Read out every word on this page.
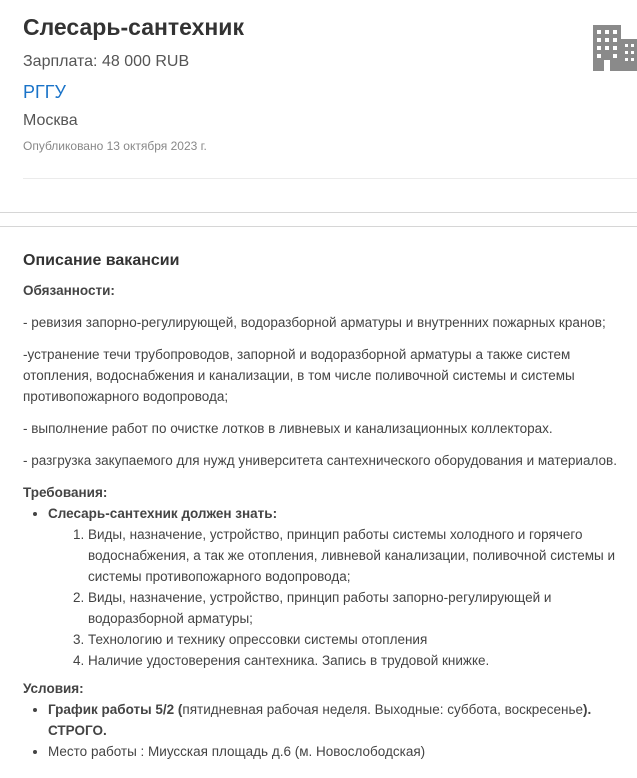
Слесарь-сантехник
Зарплата: 48 000 RUB
РГГУ
Москва
Опубликовано 13 октября 2023 г.
Описание вакансии
Обязанности:

- ревизия запорно-регулирующей, водоразборной арматуры и внутренних пожарных кранов;

-устранение течи трубопроводов, запорной и водоразборной арматуры а также систем отопления, водоснабжения и канализации, в том числе поливочной системы и системы противопожарного водопровода;

- выполнение работ по очистке лотков в ливневых и канализационных коллекторах.

- разгрузка закупаемого для нужд университета сантехнического оборудования и материалов.

Требования:
• Слесарь-сантехник должен знать:
1. Виды, назначение, устройство, принцип работы системы холодного и горячего водоснабжения, а так же отопления, ливневой канализации, поливочной системы и системы противопожарного водопровода;
2. Виды, назначение, устройство, принцип работы запорно-регулирующей и водоразборной арматуры;
3. Технологию и технику опрессовки системы отопления
4. Наличие удостоверения сантехника. Запись в трудовой книжке.
Условия:
• График работы 5/2 (пятидневная рабочая неделя. Выходные: суббота, воскресенье). СТРОГО.
• Место работы : Миусская площадь д.6 (м. Новослободская)
